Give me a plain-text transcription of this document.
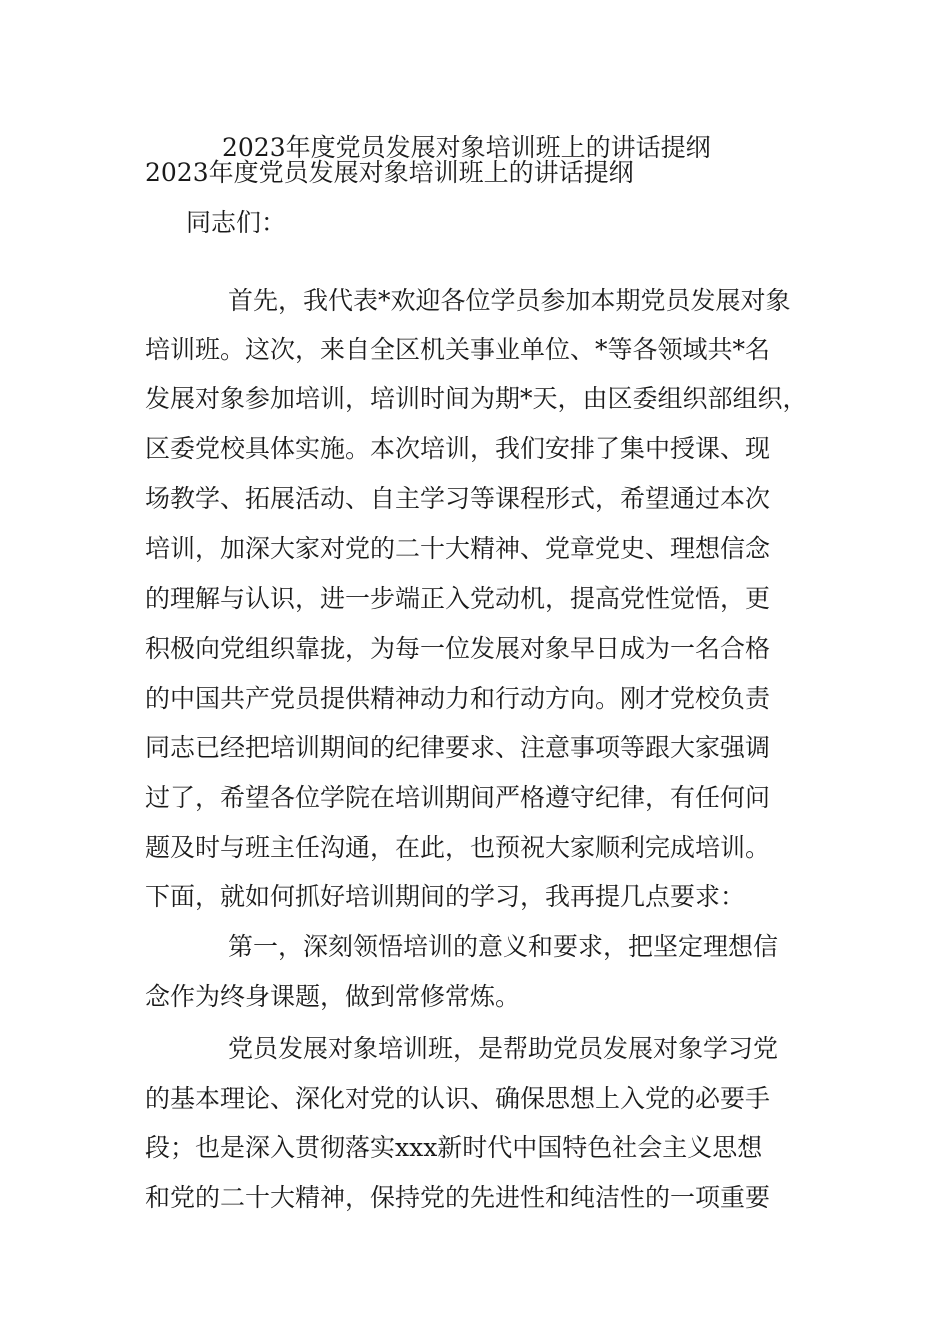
2023年度党员发展对象培训班上的讲话提纲
2023年度党员发展对象培训班上的讲话提纲
同志们：
首先，我代表*欢迎各位学员参加本期党员发展对象
培训班。这次，来自全区机关事业单位、*等各领域共*名
发展对象参加培训，培训时间为期*天，由区委组织部组织，
区委党校具体实施。本次培训，我们安排了集中授课、现
场教学、拓展活动、自主学习等课程形式，希望通过本次
培训，加深大家对党的二十大精神、党章党史、理想信念
的理解与认识，进一步端正入党动机，提高党性觉悟，更
积极向党组织靠拢，为每一位发展对象早日成为一名合格
的中国共产党员提供精神动力和行动方向。刚才党校负责
同志已经把培训期间的纪律要求、注意事项等跟大家强调
过了，希望各位学院在培训期间严格遵守纪律，有任何问
题及时与班主任沟通，在此，也预祝大家顺利完成培训。
下面，就如何抓好培训期间的学习，我再提几点要求：
第一，深刻领悟培训的意义和要求，把坚定理想信
念作为终身课题，做到常修常炼。
党员发展对象培训班，是帮助党员发展对象学习党
的基本理论、深化对党的认识、确保思想上入党的必要手
段；也是深入贯彻落实xxx新时代中国特色社会主义思想
和党的二十大精神，保持党的先进性和纯洁性的一项重要
